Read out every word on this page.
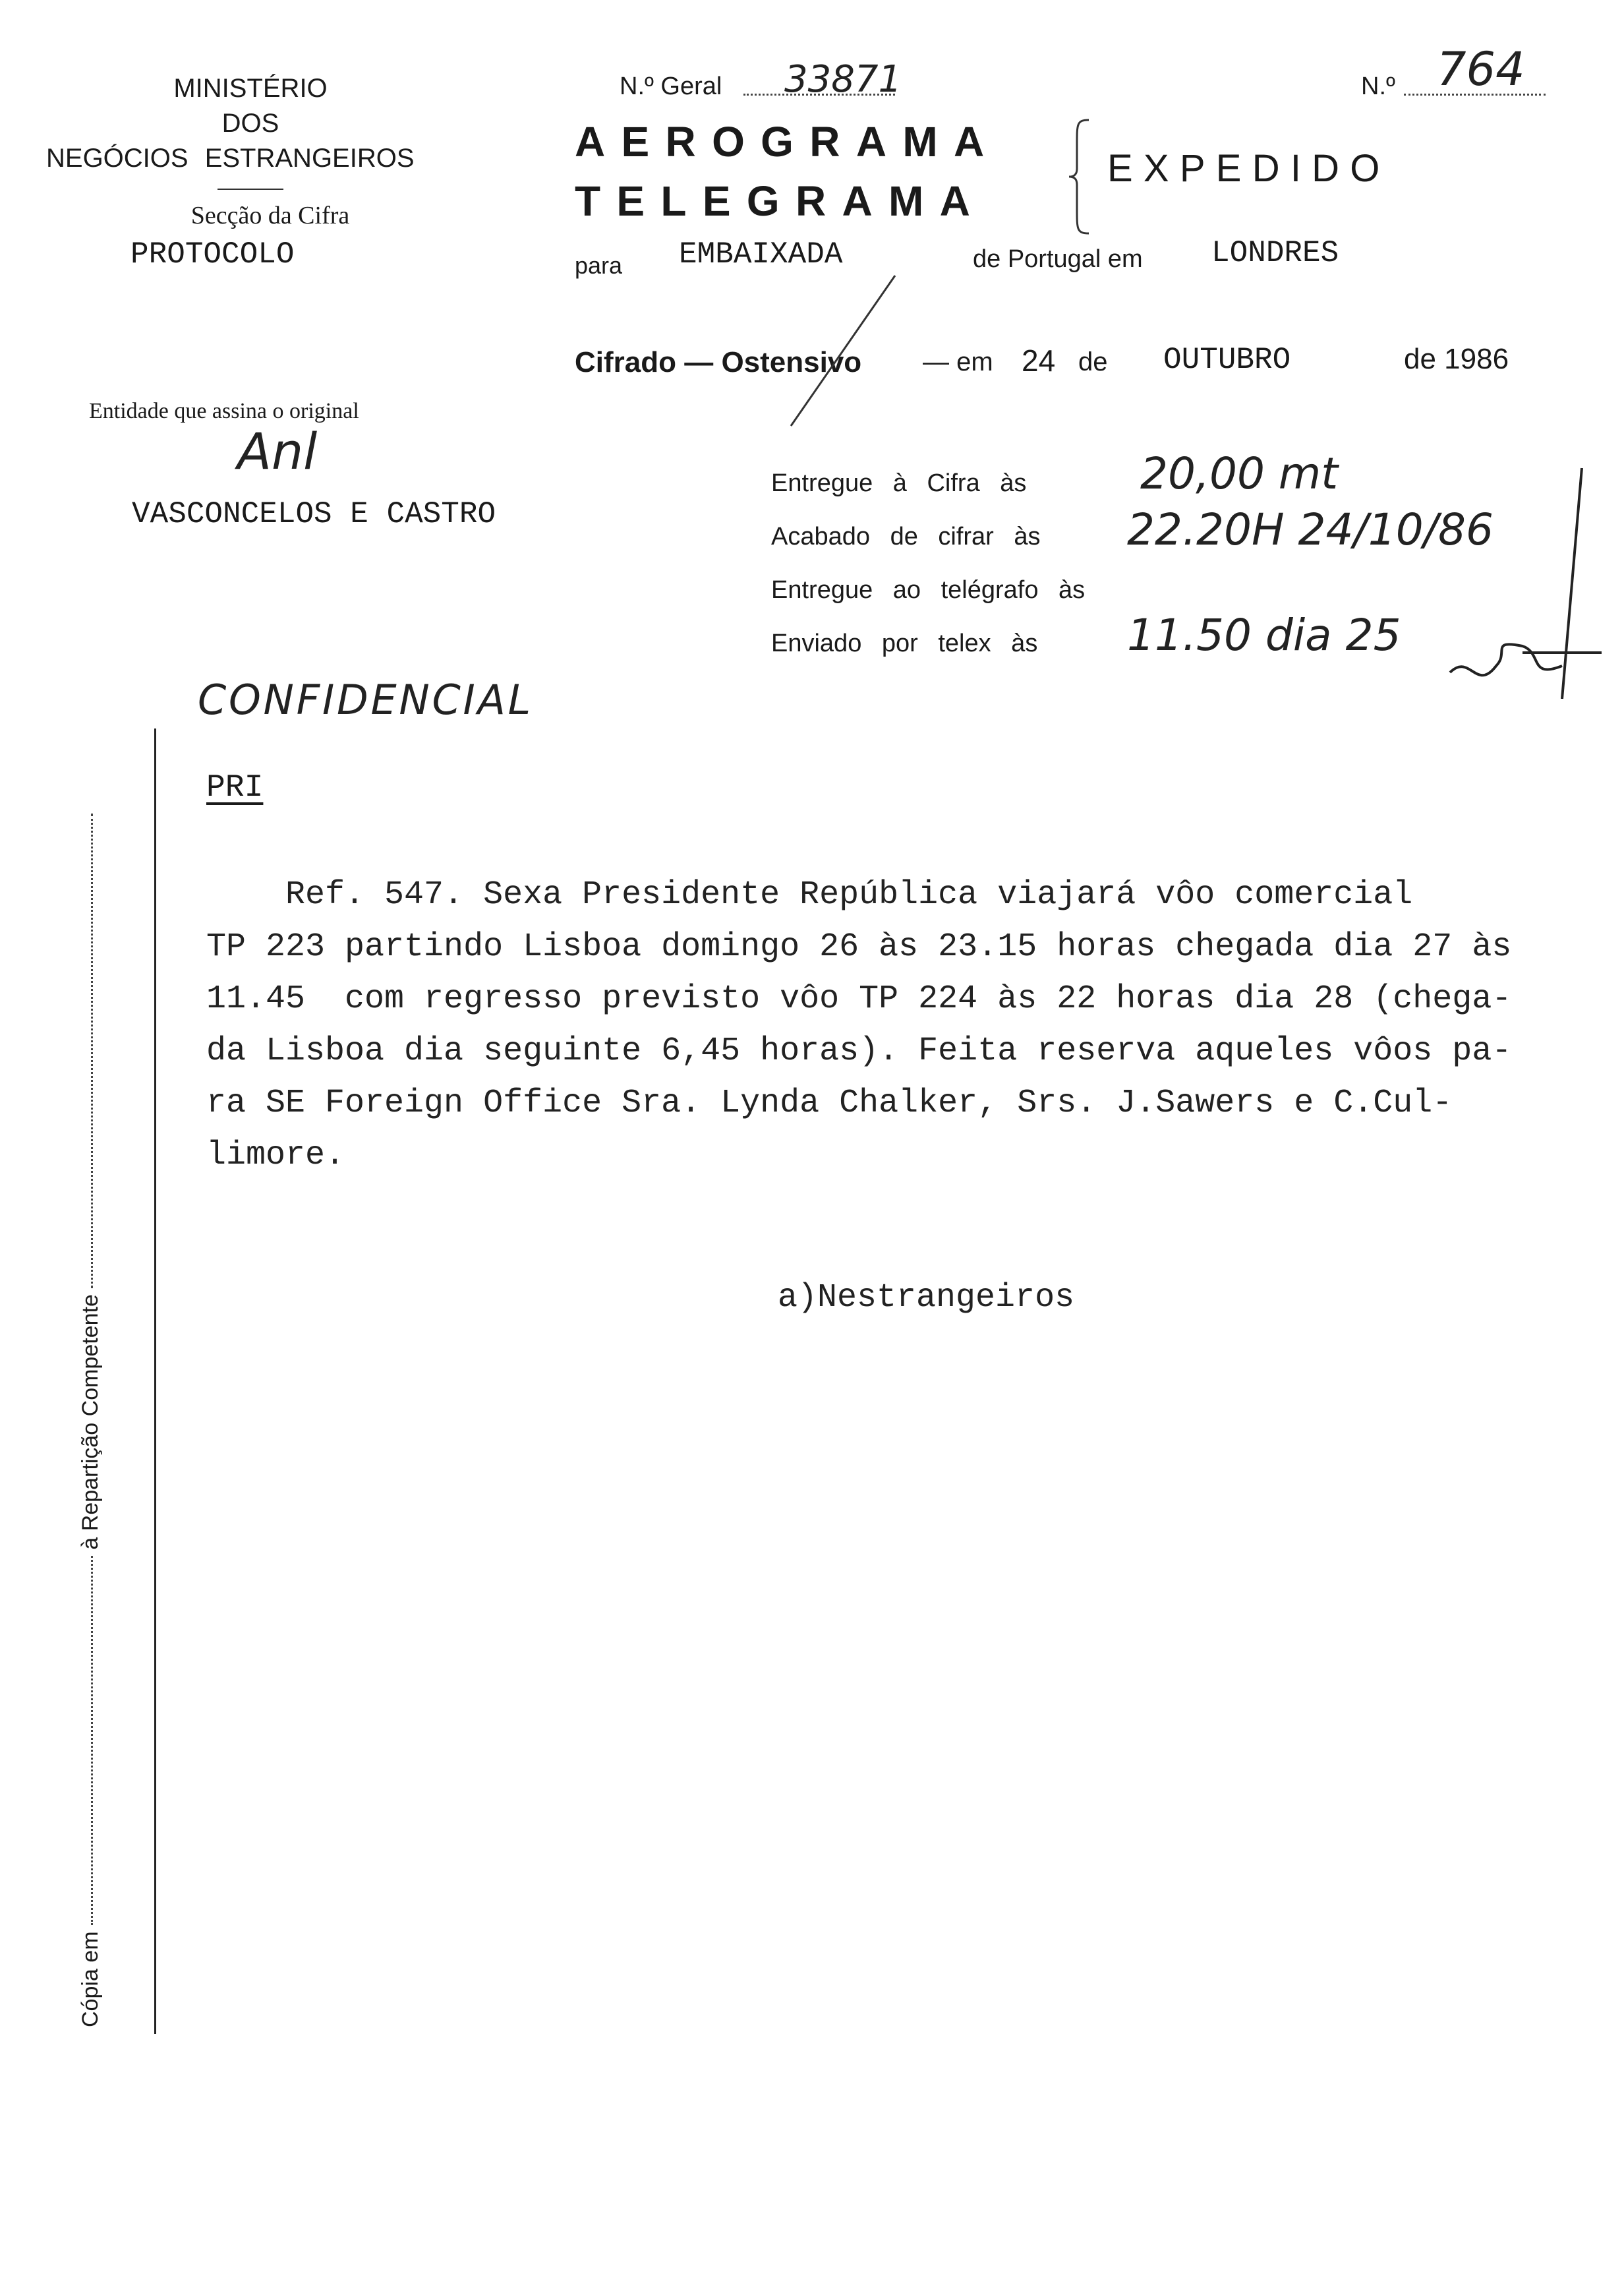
MINISTÉRIO
DOS
NEGÓCIOS ESTRANGEIROS
Secção da Cifra
PROTOCOLO
N.º Geral 33871	N.º 764
AEROGRAMA
TELEGRAMA
EXPEDIDO
para EMBAIXADA	de Portugal em LONDRES
Cifrado — Ostensivo — em 24 de OUTUBRO	de 1986
Entidade que assina o original
Anl
VASCONCELOS E CASTRO
Entregue à Cifra às	20,00 mt
Acabado de cifrar às 22.20H 24/10/86
Entregue ao telégrafo às
Enviado por telex às 11.50 dia 25
CONFIDENCIAL
Cópia em  à Repartição Competente
PRI
Ref. 547. Sexa Presidente República viajará vôo comercial
TP 223 partindo Lisboa domingo 26 às 23.15 horas chegada dia 27 às
11.45  com regresso previsto vôo TP 224 às 22 horas dia 28 (chega-
da Lisboa dia seguinte 6,45 horas). Feita reserva aqueles vôos pa-
ra SE Foreign Office Sra. Lynda Chalker, Srs. J.Sawers e C.Cul-
limore.
a)Nestrangeiros
